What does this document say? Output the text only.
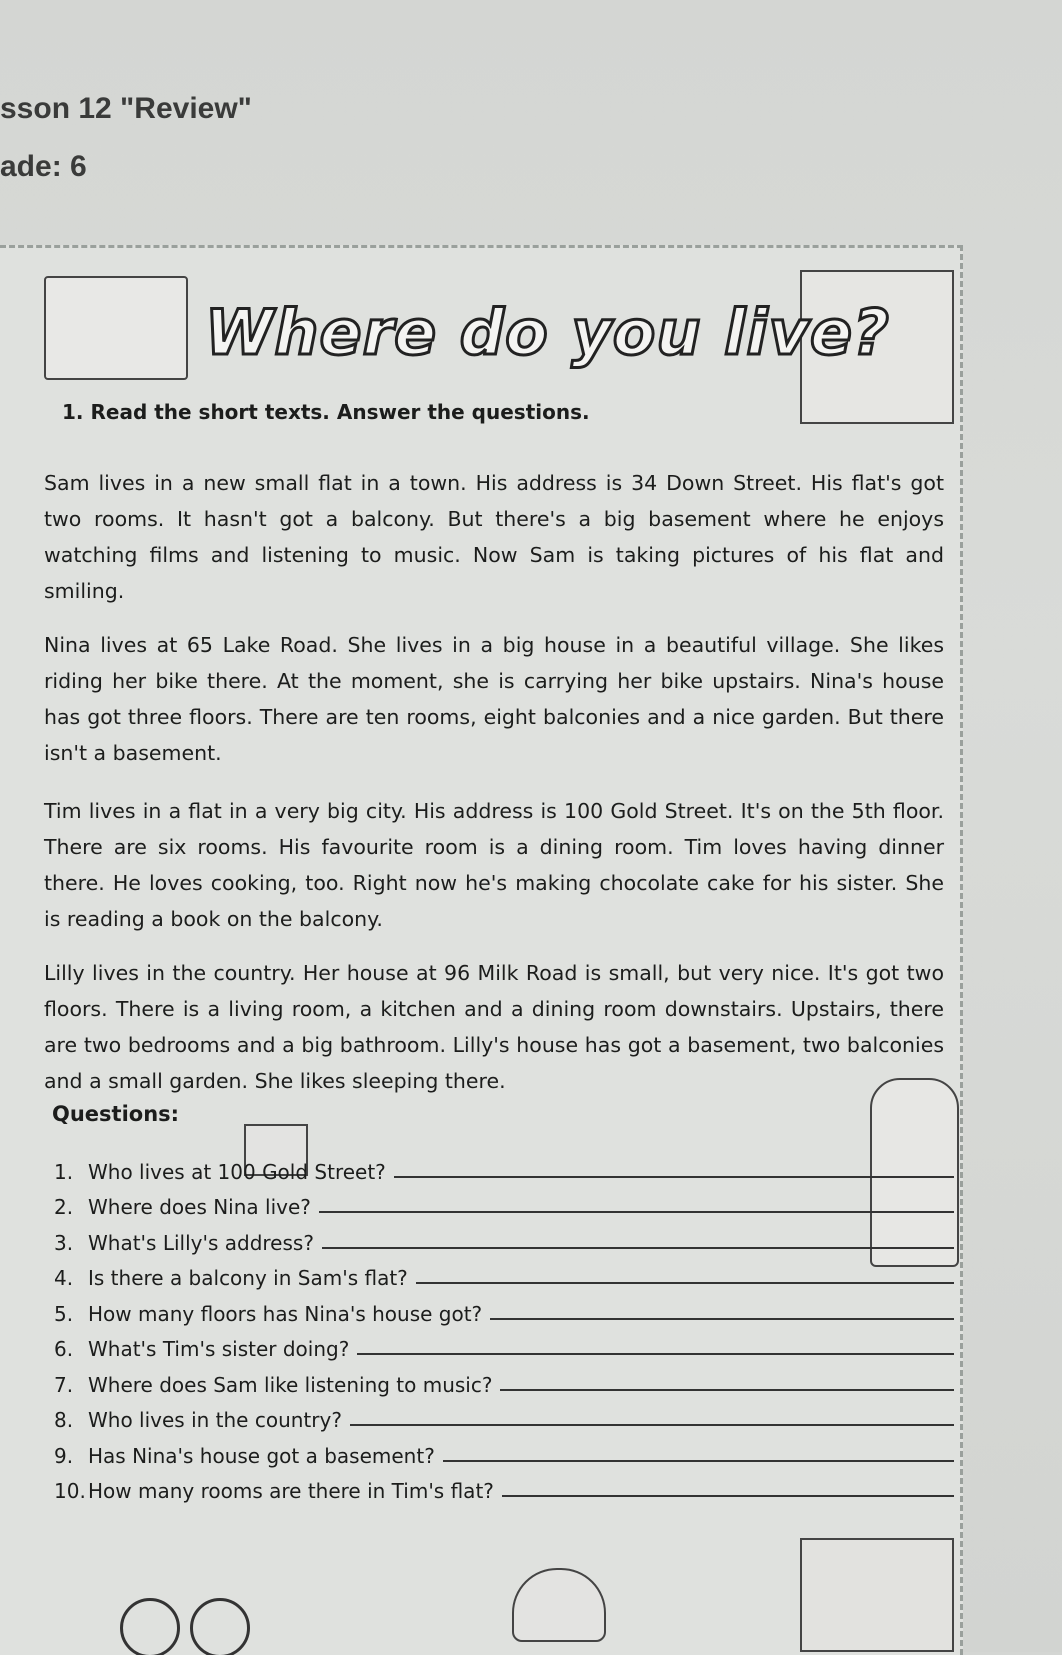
sson 12 "Review"
ade: 6
Where do you live?
1. Read the short texts. Answer the questions.

Sam lives in a new small flat in a town. His address is 34 Down Street. His flat's got two rooms. It hasn't got a balcony. But there's a big basement where he enjoys watching films and listening to music. Now Sam is taking pictures of his flat and smiling.

Nina lives at 65 Lake Road. She lives in a big house in a beautiful village. She likes riding her bike there. At the moment, she is carrying her bike upstairs. Nina's house has got three floors. There are ten rooms, eight balconies and a nice garden. But there isn't a basement.

Tim lives in a flat in a very big city. His address is 100 Gold Street. It's on the 5th floor. There are six rooms. His favourite room is a dining room. Tim loves having dinner there. He loves cooking, too. Right now he's making chocolate cake for his sister. She is reading a book on the balcony.

Lilly lives in the country. Her house at 96 Milk Road is small, but very nice. It's got two floors. There is a living room, a kitchen and a dining room downstairs. Upstairs, there are two bedrooms and a big bathroom. Lilly's house has got a basement, two balconies and a small garden. She likes sleeping there.

Questions:
1. Who lives at 100 Gold Street?
2. Where does Nina live?
3. What's Lilly's address?
4. Is there a balcony in Sam's flat?
5. How many floors has Nina's house got?
6. What's Tim's sister doing?
7. Where does Sam like listening to music?
8. Who lives in the country?
9. Has Nina's house got a basement?
10. How many rooms are there in Tim's flat?
